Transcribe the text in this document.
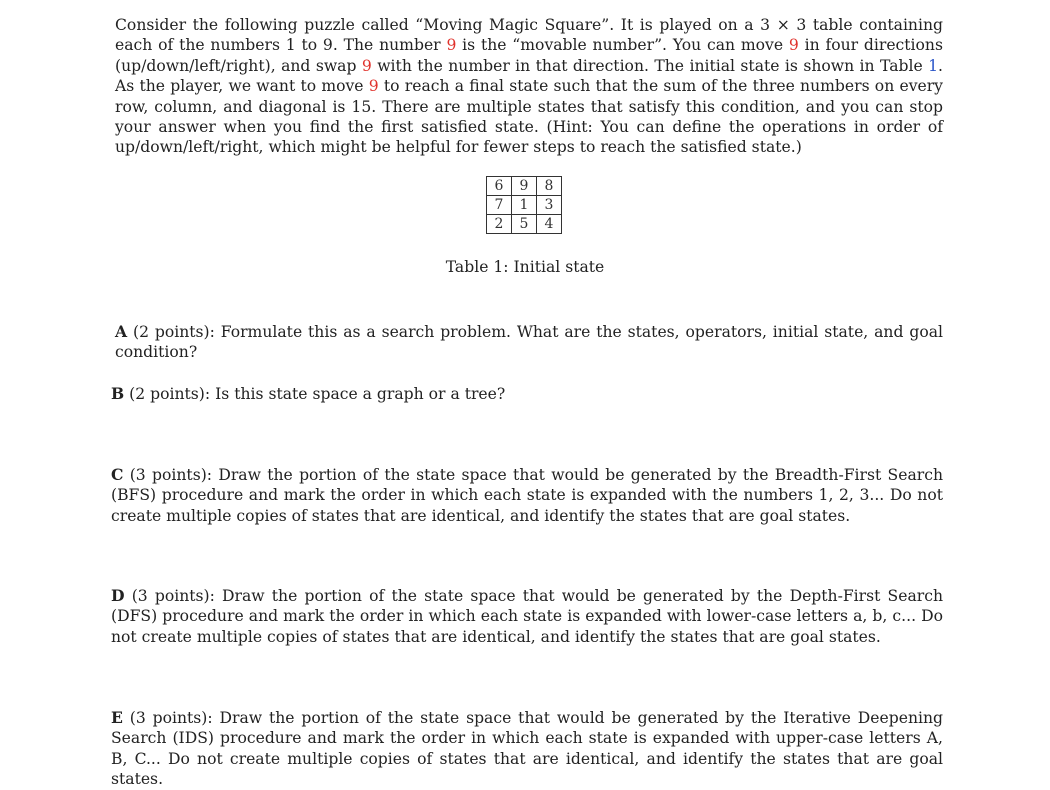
Consider the following puzzle called “Moving Magic Square”. It is played on a 3 × 3 table containing each of the numbers 1 to 9. The number 9 is the “movable number”. You can move 9 in four directions (up/down/left/right), and swap 9 with the number in that direction. The initial state is shown in Table 1. As the player, we want to move 9 to reach a final state such that the sum of the three numbers on every row, column, and diagonal is 15. There are multiple states that satisfy this condition, and you can stop your answer when you find the first satisfied state. (Hint: You can define the operations in order of up/down/left/right, which might be helpful for fewer steps to reach the satisfied state.)

6	9	8
7	1	3
2	5	4
Table 1: Initial state

A (2 points): Formulate this as a search problem. What are the states, operators, initial state, and goal condition?

B (2 points): Is this state space a graph or a tree?

C (3 points): Draw the portion of the state space that would be generated by the Breadth-First Search (BFS) procedure and mark the order in which each state is expanded with the numbers 1, 2, 3... Do not create multiple copies of states that are identical, and identify the states that are goal states.

D (3 points): Draw the portion of the state space that would be generated by the Depth-First Search (DFS) procedure and mark the order in which each state is expanded with lower-case letters a, b, c... Do not create multiple copies of states that are identical, and identify the states that are goal states.

E (3 points): Draw the portion of the state space that would be generated by the Iterative Deepening Search (IDS) procedure and mark the order in which each state is expanded with upper-case letters A, B, C... Do not create multiple copies of states that are identical, and identify the states that are goal states.
